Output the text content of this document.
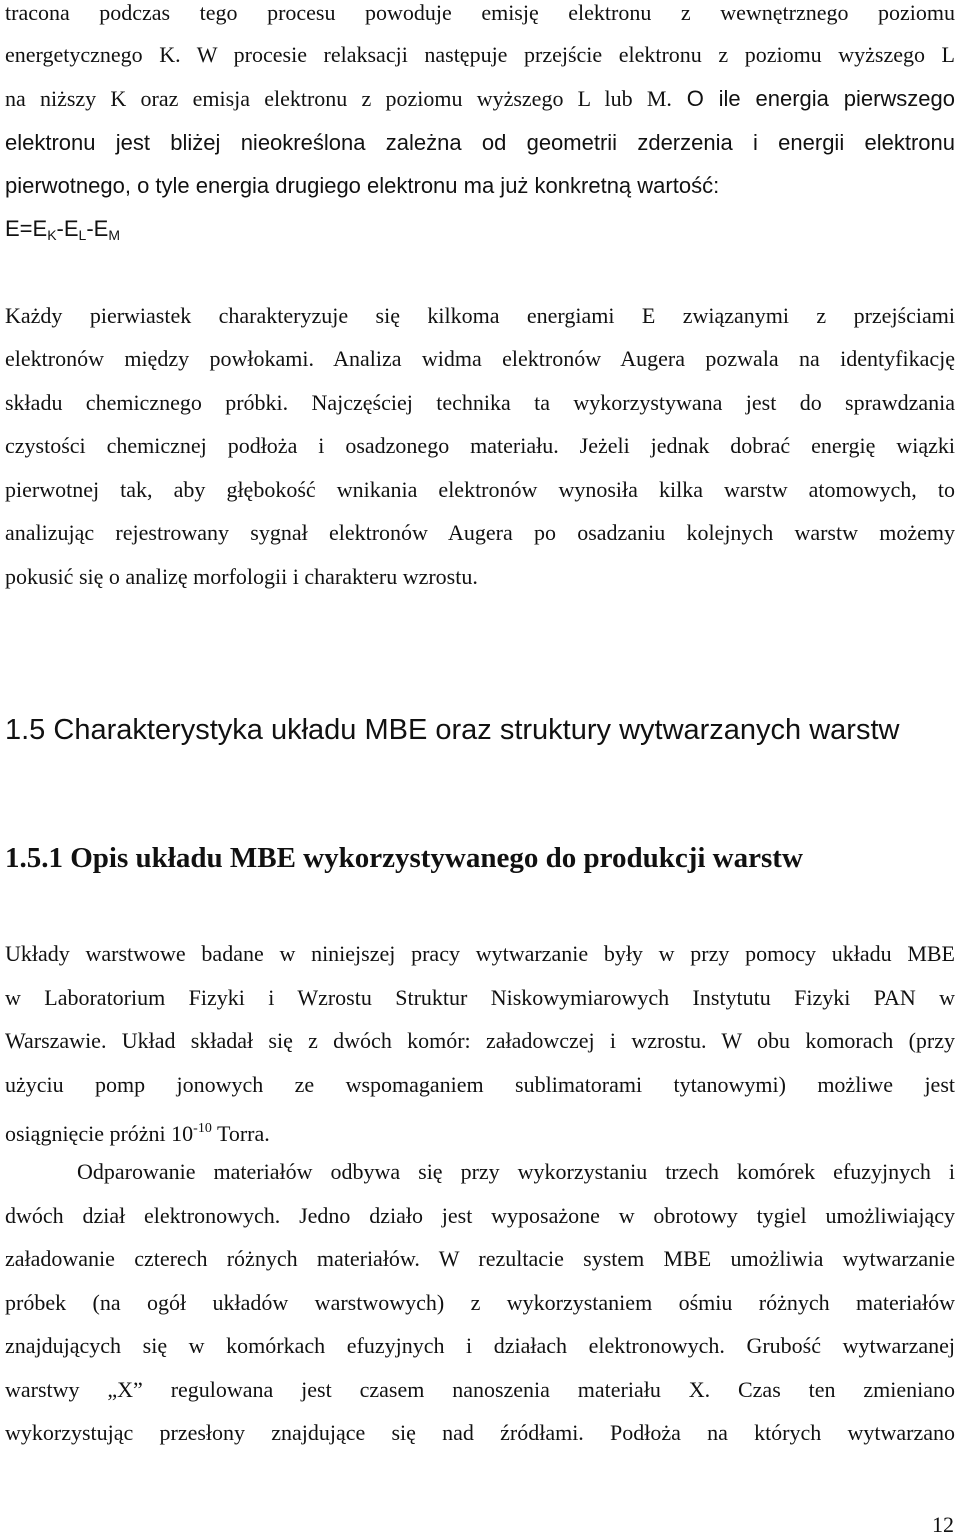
tracona podczas tego procesu powoduje emisję elektronu z wewnętrznego poziomu
energetycznego K. W procesie relaksacji następuje przejście elektronu z poziomu wyższego L
na niższy K oraz emisja elektronu z poziomu wyższego L lub M. O ile energia pierwszego
elektronu jest bliżej nieokreślona zależna od geometrii zderzenia i energii elektronu
pierwotnego, o tyle energia drugiego elektronu ma już konkretną wartość:
$E=E_K-E_L-E_M$
Każdy pierwiastek charakteryzuje się kilkoma energiami E związanymi z przejściami
elektronów między powłokami. Analiza widma elektronów Augera pozwala na identyfikację
składu chemicznego próbki. Najczęściej technika ta wykorzystywana jest do sprawdzania
czystości chemicznej podłoża i osadzonego materiału. Jeżeli jednak dobrać energię wiązki
pierwotnej tak, aby głębokość wnikania elektronów wynosiła kilka warstw atomowych, to
analizując rejestrowany sygnał elektronów Augera po osadzaniu kolejnych warstw możemy
pokusić się o analizę morfologii i charakteru wzrostu.
1.5 Charakterystyka układu MBE oraz struktury wytwarzanych warstw
1.5.1 Opis układu MBE wykorzystywanego do produkcji warstw
Układy warstwowe badane w niniejszej pracy wytwarzanie były w przy pomocy układu MBE
w Laboratorium Fizyki i Wzrostu Struktur Niskowymiarowych Instytutu Fizyki PAN w
Warszawie. Układ składał się z dwóch komór: załadowczej i wzrostu. W obu komorach (przy
użyciu pomp jonowych ze wspomaganiem sublimatorami tytanowymi) możliwe jest
osiągnięcie próżni $10^{-10}$ Torra.
Odparowanie materiałów odbywa się przy wykorzystaniu trzech komórek efuzyjnych i
dwóch dział elektronowych. Jedno działo jest wyposażone w obrotowy tygiel umożliwiający
załadowanie czterech różnych materiałów. W rezultacie system MBE umożliwia wytwarzanie
próbek (na ogół układów warstwowych) z wykorzystaniem ośmiu różnych materiałów
znajdujących się w komórkach efuzyjnych i działach elektronowych. Grubość wytwarzanej
warstwy „X” regulowana jest czasem nanoszenia materiału X. Czas ten zmieniano
wykorzystując przesłony znajdujące się nad źródłami. Podłoża na których wytwarzano
12
